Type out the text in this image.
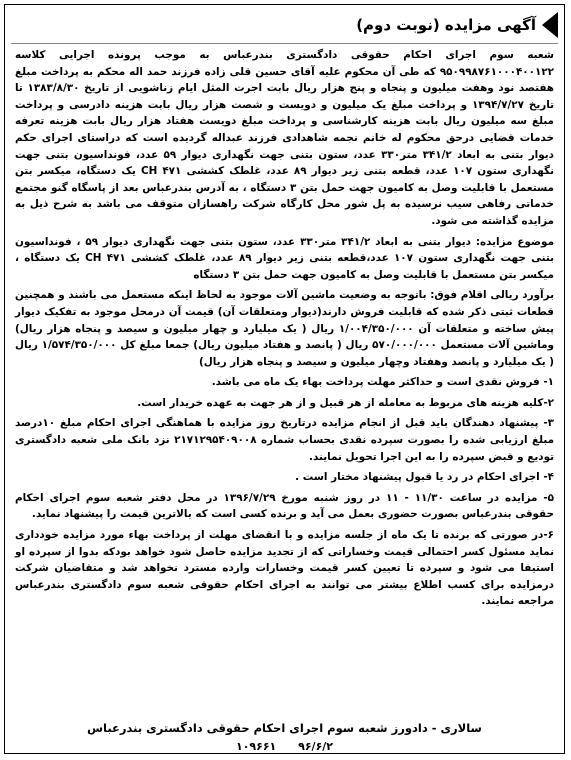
آگهی مزایده (نوبت دوم)

شعبه سوم اجرای احکام حقوقی دادگستری بندرعباس به موجب پرونده اجرایی کلاسه ۹۵۰۹۹۸۷۶۱۰۰۰۴۰۰۱۲۲ که طی آن محکوم علیه آقای حسین قلی زاده فرزند حمد اله محکم به پرداخت مبلغ هفتصد نود وهفت میلیون و پنجاه و پنج هزار ریال بابت اجرت المثل ایام زناشویی از تاریخ ۱۳۸۳/۸/۳۰ تا تاریخ ۱۳۹۴/۷/۲۷ و پرداخت مبلغ یک میلیون و دویست و شصت هزار ریال بابت هزینه دادرسی و پرداخت مبلغ سه میلیون ریال بابت هزینه کارشناسی و پرداخت مبلغ دویست هفتاد هزار ریال بابت هزینه تعرفه خدمات قضایی درحق محکوم له خانم نجمه شاهدادی فرزند عبداله گردیده است که دراستای اجرای حکم دیوار بتنی به ابعاد ۳۴۱/۲ متر۳۳۰ عدد، ستون بتنی جهت نگهداری دیوار ۵۹ عدد، فونداسیون بتنی جهت نگهداری ستون ۱۰۷ عدد، قطعه بتنی زیر دیوار ۸۹ عدد، غلطک کششی CH ۴۷۱ یک دستگاه، میکسر بتن مستعمل با قابلیت وصل به کامیون جهت حمل بتن ۳ دستگاه ، به آدرس بندرعباس بعد از پاسگاه گنو مجتمع خدماتی رفاهی سیب نرسیده به پل شور محل کارگاه شرکت راهسازان متوقف می باشد به شرح ذیل به مزایده گذاشته می شود.

موضوع مزایده: دیوار بتنی به ابعاد ۳۴۱/۲ متر۳۳۰ عدد، ستون بتنی جهت نگهداری دیوار ۵۹ ، فونداسیون بتنی جهت نگهداری ستون ۱۰۷ عدد،قطعه بتنی زیر دیوار ۸۹ عدد، غلطک کششی CH ۴۷۱ یک دستگاه ، میکسر بتن مستعمل با قابلیت وصل به کامیون جهت حمل بتن ۳ دستگاه

برآورد ریالی اقلام فوق: باتوجه به وضعیت ماشین آلات موجود به لحاظ اینکه مستعمل می باشند و همچنین قطعات ثبتی ذکر شده که قابلیت فروش دارند(دیوار ومتعلقات آن) قیمت آن درمحل موجود به تفکیک دیوار پیش ساخته و متعلقات آن ۱/۰۰۴/۳۵۰/۰۰۰ ریال ( یک میلیارد و چهار میلیون و سیصد و پنجاه هزار ریال) وماشین آلات مستعمل ۵۷۰/۰۰۰/۰۰۰ ریال ( پانصد و هفتاد میلیون ریال) جمعا مبلغ کل ۱/۵۷۴/۳۵۰/۰۰۰ ریال ( یک میلیارد و پانصد وهفتاد وچهار میلیون و سیصد و پنجاه هزار ریال)

۱- فروش نقدی است و حداکثر مهلت پرداخت بهاء یک ماه می باشد.

۲-کلیه هزینه های مربوط به معامله از هر قبیل و از هر جهت به عهده خریدار است.

۳- پیشنهاد دهندگان باید قبل از انجام مزایده درتاریخ روز مزایده با هماهنگی اجرای احکام مبلغ ۱۰درصد مبلغ ارزیابی شده را بصورت سپرده نقدی بحساب شماره ۲۱۷۱۲۹۵۴۰۹۰۰۸ نزد بانک ملی شعبه دادگستری تودیع و قبض سپرده را به این اجرا تحویل نمایند.

۴- اجرای احکام در رد یا قبول پیشنهاد مختار است .

۵- مزایده در ساعت ۱۱/۳۰ - ۱۱ در روز شنبه مورخ ۱۳۹۶/۷/۲۹ در محل دفتر شعبه سوم اجرای احکام حقوقی بندرعباس بصورت حضوری بعمل می آید و برنده کسی است که بالاترین قیمت را پیشنهاد نماید.

۶-در صورتی که برنده تا یک ماه از جلسه مزایده و با انقضای مهلت از پرداخت بهاء مورد مزایده خودداری نماید مسئول کسر احتمالی قیمت وخساراتی که از تجدید مزایده حاصل شود خواهد بودکه بدوا از سپرده او استیفا می شود و سپرده تا تعیین کسر قیمت وخسارات وارده مسترد نخواهد شد و متقاضیان شرکت درمزایده برای کسب اطلاع بیشتر می توانند به اجرای احکام حقوقی شعبه سوم دادگستری بندرعباس مراجعه نمایند.

سالاری - دادورز شعبه سوم اجرای احکام حقوقی دادگستری بندرعباس
۱۰۹۶۶۱ ۹۶/۶/۲
